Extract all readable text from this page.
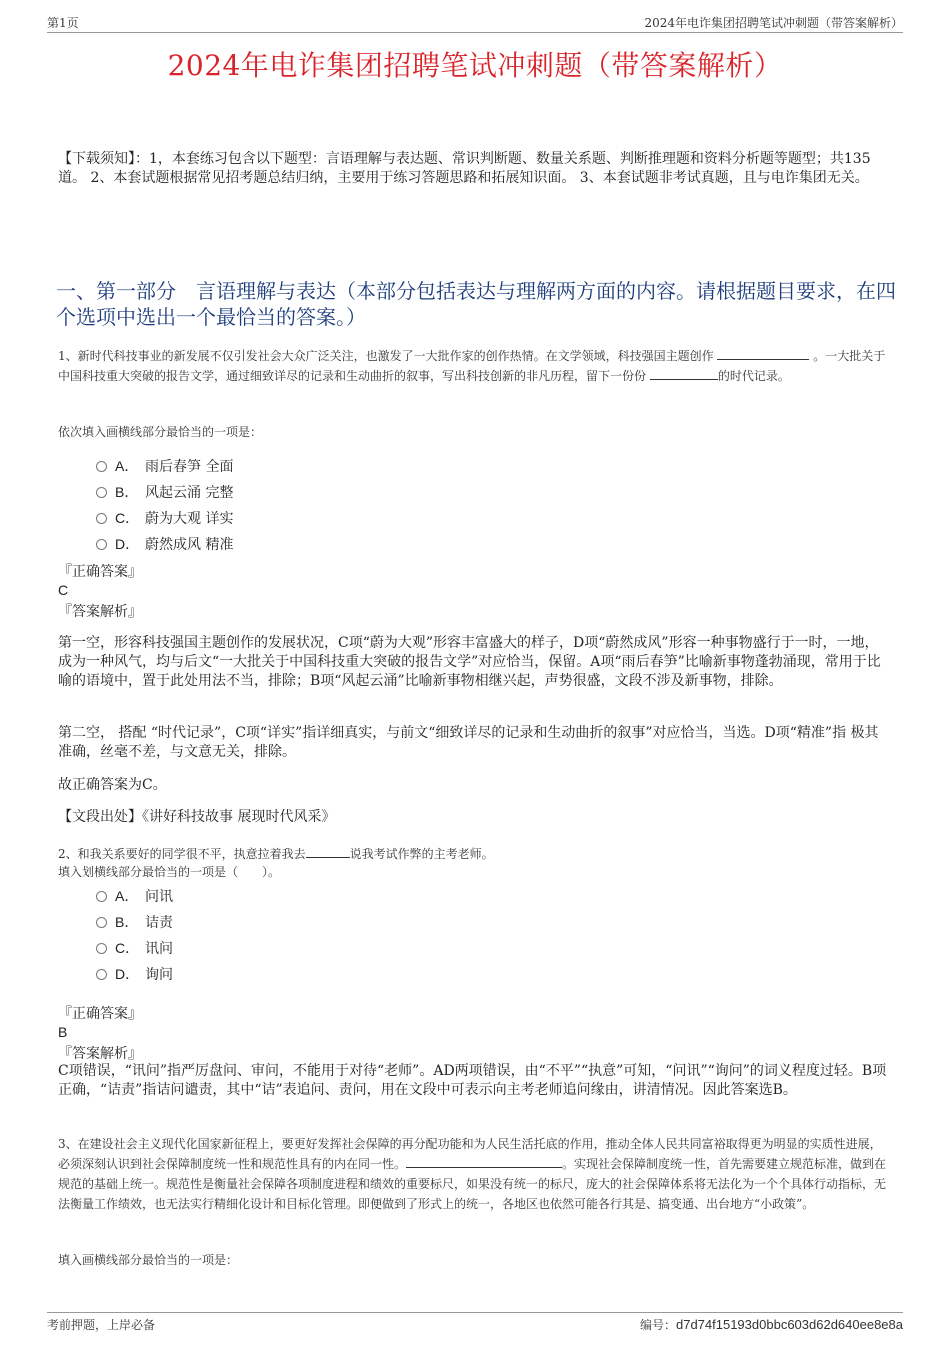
第1页	2024年电诈集团招聘笔试冲刺题（带答案解析）
2024年电诈集团招聘笔试冲刺题（带答案解析）
【下载须知】：1，本套练习包含以下题型：言语理解与表达题、常识判断题、数量关系题、判断推理题和资料分析题等题型；共135道。 2、本套试题根据常见招考题总结归纳，主要用于练习答题思路和拓展知识面。 3、本套试题非考试真题，且与电诈集团无关。
一、第一部分　言语理解与表达（本部分包括表达与理解两方面的内容。请根据题目要求，在四个选项中选出一个最恰当的答案。）
1、新时代科技事业的新发展不仅引发社会大众广泛关注，也激发了一大批作家的创作热情。在文学领域，科技强国主题创作	。一大批关于中国科技重大突破的报告文学，通过细致详尽的记录和生动曲折的叙事，写出科技创新的非凡历程，留下一份份	的时代记录。
依次填入画横线部分最恰当的一项是：
A． 雨后春笋 全面
B． 风起云涌 完整
C． 蔚为大观 详实
D． 蔚然成风 精准
『正确答案』
C
『答案解析』
第一空，形容科技强国主题创作的发展状况，C项“蔚为大观”形容丰富盛大的样子，D项“蔚然成风”形容一种事物盛行于一时，一地，成为一种风气，均与后文“一大批关于中国科技重大突破的报告文学”对应恰当，保留。A项“雨后春笋”比喻新事物蓬勃涌现，常用于比喻的语境中，置于此处用法不当，排除；B项“风起云涌”比喻新事物相继兴起，声势很盛，文段不涉及新事物，排除。
第二空， 搭配 “时代记录”，C项“详实”指详细真实，与前文“细致详尽的记录和生动曲折的叙事”对应恰当，当选。D项“精准”指 极其准确，丝毫不差，与文意无关，排除。
故正确答案为C。
【文段出处】《讲好科技故事 展现时代风采》
2、和我关系要好的同学很不平，执意拉着我去	说我考试作弊的主考老师。
填入划横线部分最恰当的一项是（　　）。
A． 问讯
B． 诘责
C． 讯问
D． 询问
『正确答案』
B
『答案解析』
C项错误，“讯问”指严厉盘问、审问，不能用于对待“老师”。AD两项错误，由“不平”“执意”可知，“问讯”“询问”的词义程度过轻。B项正确，“诘责”指诘问谴责，其中“诘”表追问、责问，用在文段中可表示向主考老师追问缘由，讲清情况。因此答案选B。
3、在建设社会主义现代化国家新征程上，要更好发挥社会保障的再分配功能和为人民生活托底的作用，推动全体人民共同富裕取得更为明显的实质性进展，必须深刻认识到社会保障制度统一性和规范性具有的内在同一性。	。实现社会保障制度统一性，首先需要建立规范标准，做到在规范的基础上统一。规范性是衡量社会保障各项制度进程和绩效的重要标尺，如果没有统一的标尺，庞大的社会保障体系将无法化为一个个具体行动指标，无法衡量工作绩效，也无法实行精细化设计和目标化管理。即便做到了形式上的统一，各地区也依然可能各行其是、搞变通、出台地方“小政策”。
填入画横线部分最恰当的一项是：
考前押题，上岸必备	编号：d7d74f15193d0bbc603d62d640ee8e8a
